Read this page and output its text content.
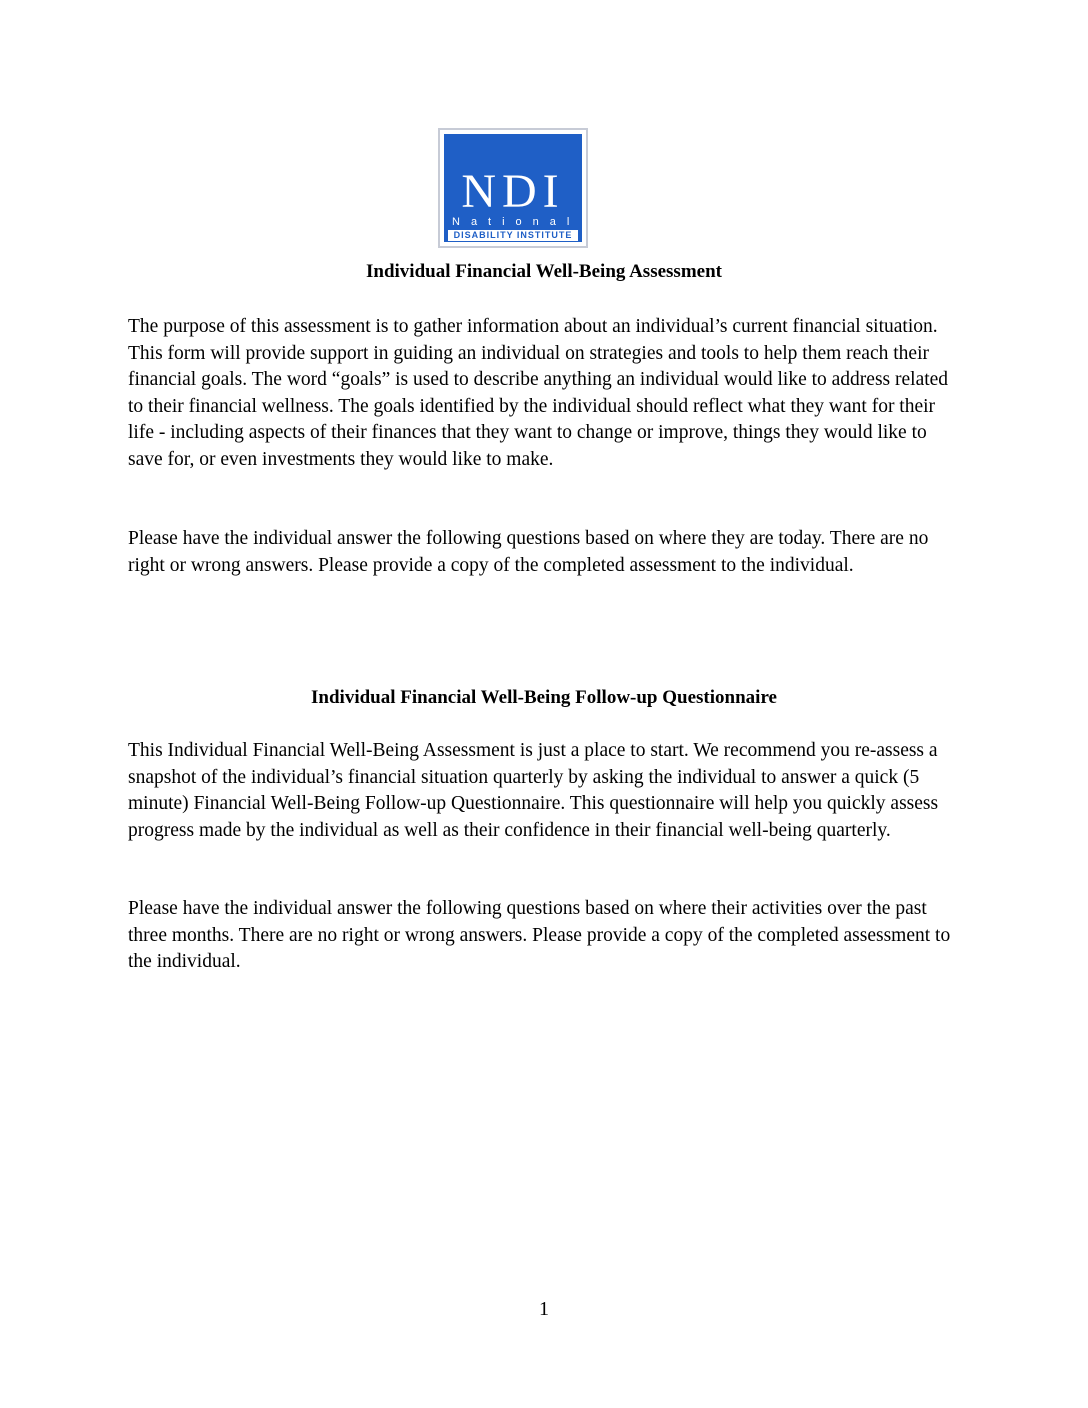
NDI
National
DISABILITY INSTITUTE
Individual Financial Well-Being Assessment
The purpose of this assessment is to gather information about an individual’s current financial situation. This form will provide support in guiding an individual on strategies and tools to help them reach their financial goals. The word “goals” is used to describe anything an individual would like to address related to their financial wellness. The goals identified by the individual should reflect what they want for their life - including aspects of their finances that they want to change or improve, things they would like to save for, or even investments they would like to make.
Please have the individual answer the following questions based on where they are today. There are no right or wrong answers. Please provide a copy of the completed assessment to the individual.
Individual Financial Well-Being Follow-up Questionnaire
This Individual Financial Well-Being Assessment is just a place to start. We recommend you re-assess a snapshot of the individual’s financial situation quarterly by asking the individual to answer a quick (5 minute) Financial Well-Being Follow-up Questionnaire. This questionnaire will help you quickly assess progress made by the individual as well as their confidence in their financial well-being quarterly.
Please have the individual answer the following questions based on where their activities over the past three months. There are no right or wrong answers. Please provide a copy of the completed assessment to the individual.
1
